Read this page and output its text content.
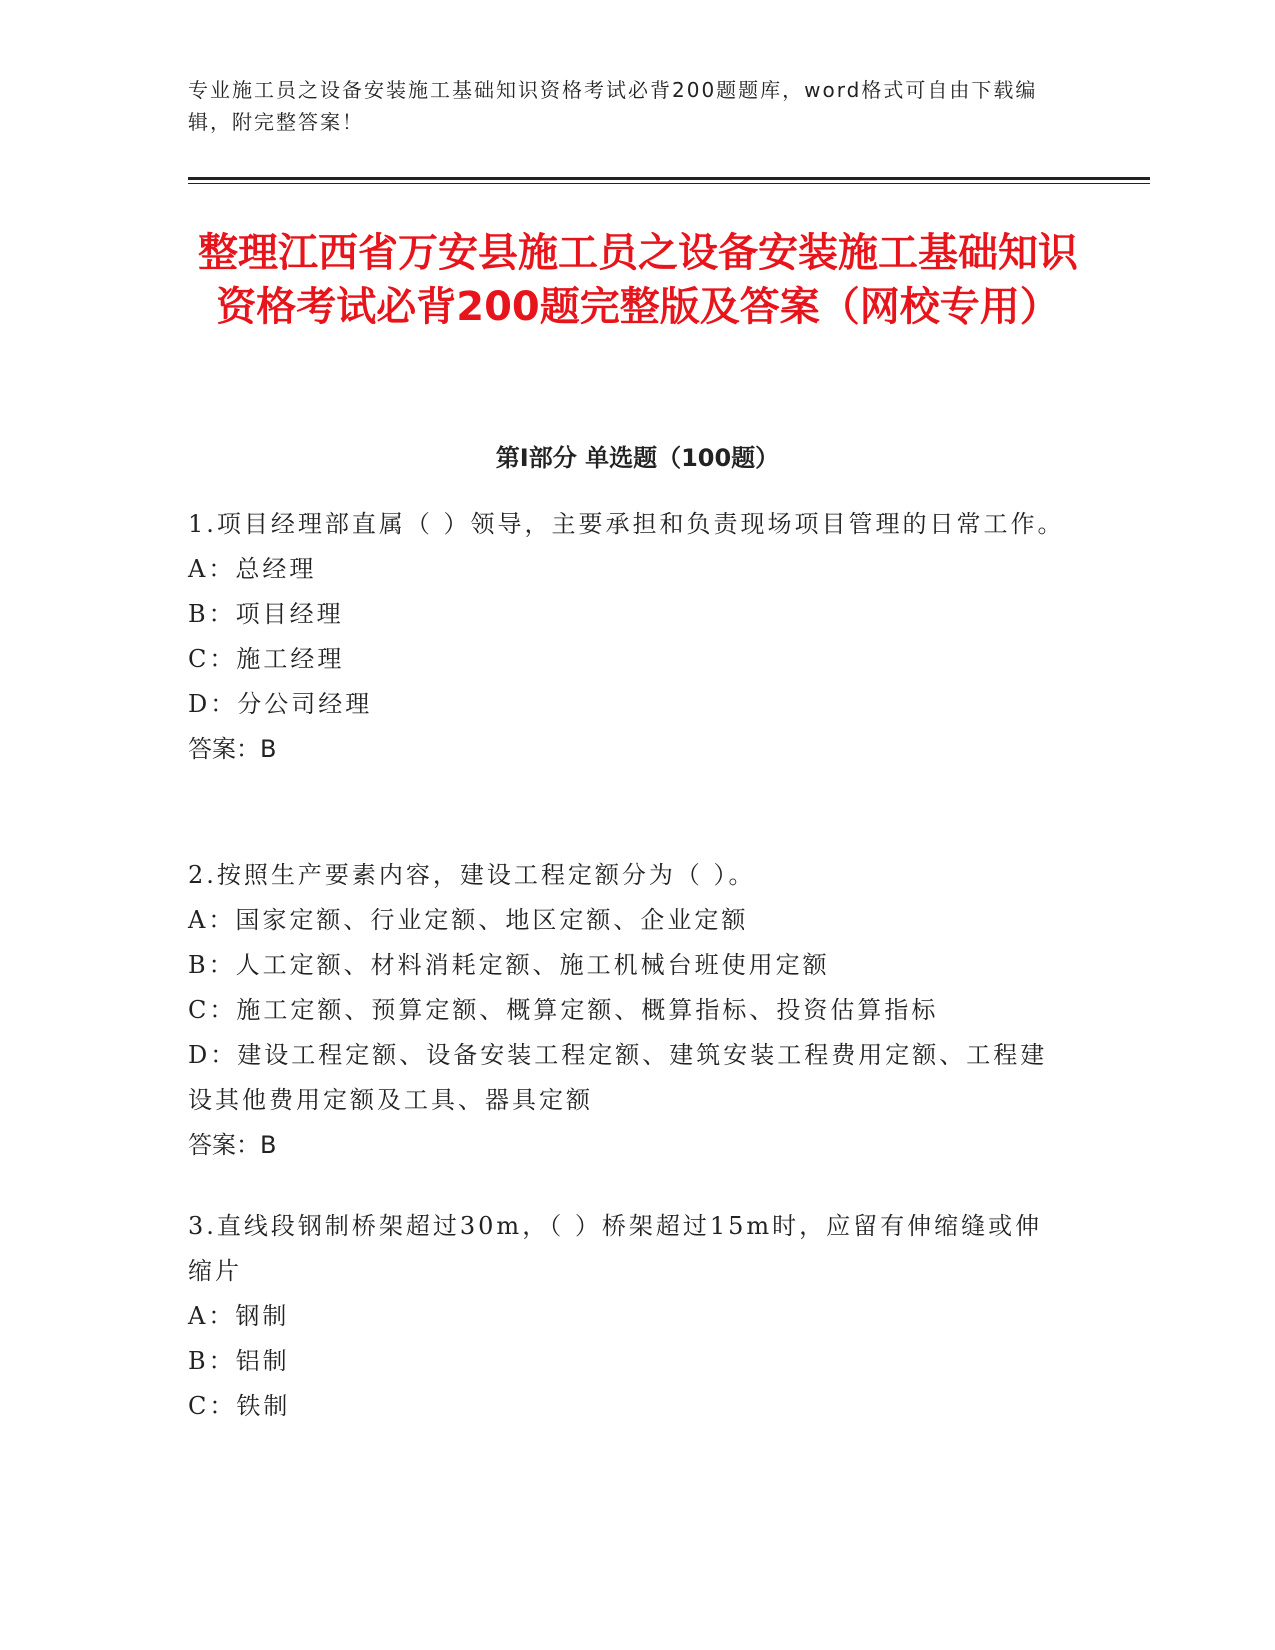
专业施工员之设备安装施工基础知识资格考试必背200题题库，word格式可自由下载编辑，附完整答案！
整理江西省万安县施工员之设备安装施工基础知识资格考试必背200题完整版及答案（网校专用）
第Ⅰ部分 单选题（100题）

1.项目经理部直属（ ）领导，主要承担和负责现场项目管理的日常工作。

A：总经理

B：项目经理

C：施工经理

D：分公司经理

答案：B

2.按照生产要素内容，建设工程定额分为（ ）。

A：国家定额、行业定额、地区定额、企业定额

B：人工定额、材料消耗定额、施工机械台班使用定额

C：施工定额、预算定额、概算定额、概算指标、投资估算指标

D：建设工程定额、设备安装工程定额、建筑安装工程费用定额、工程建设其他费用定额及工具、器具定额

答案：B

3.直线段钢制桥架超过30m，（ ）桥架超过15m时，应留有伸缩缝或伸缩片

A：钢制

B：铝制

C：铁制
